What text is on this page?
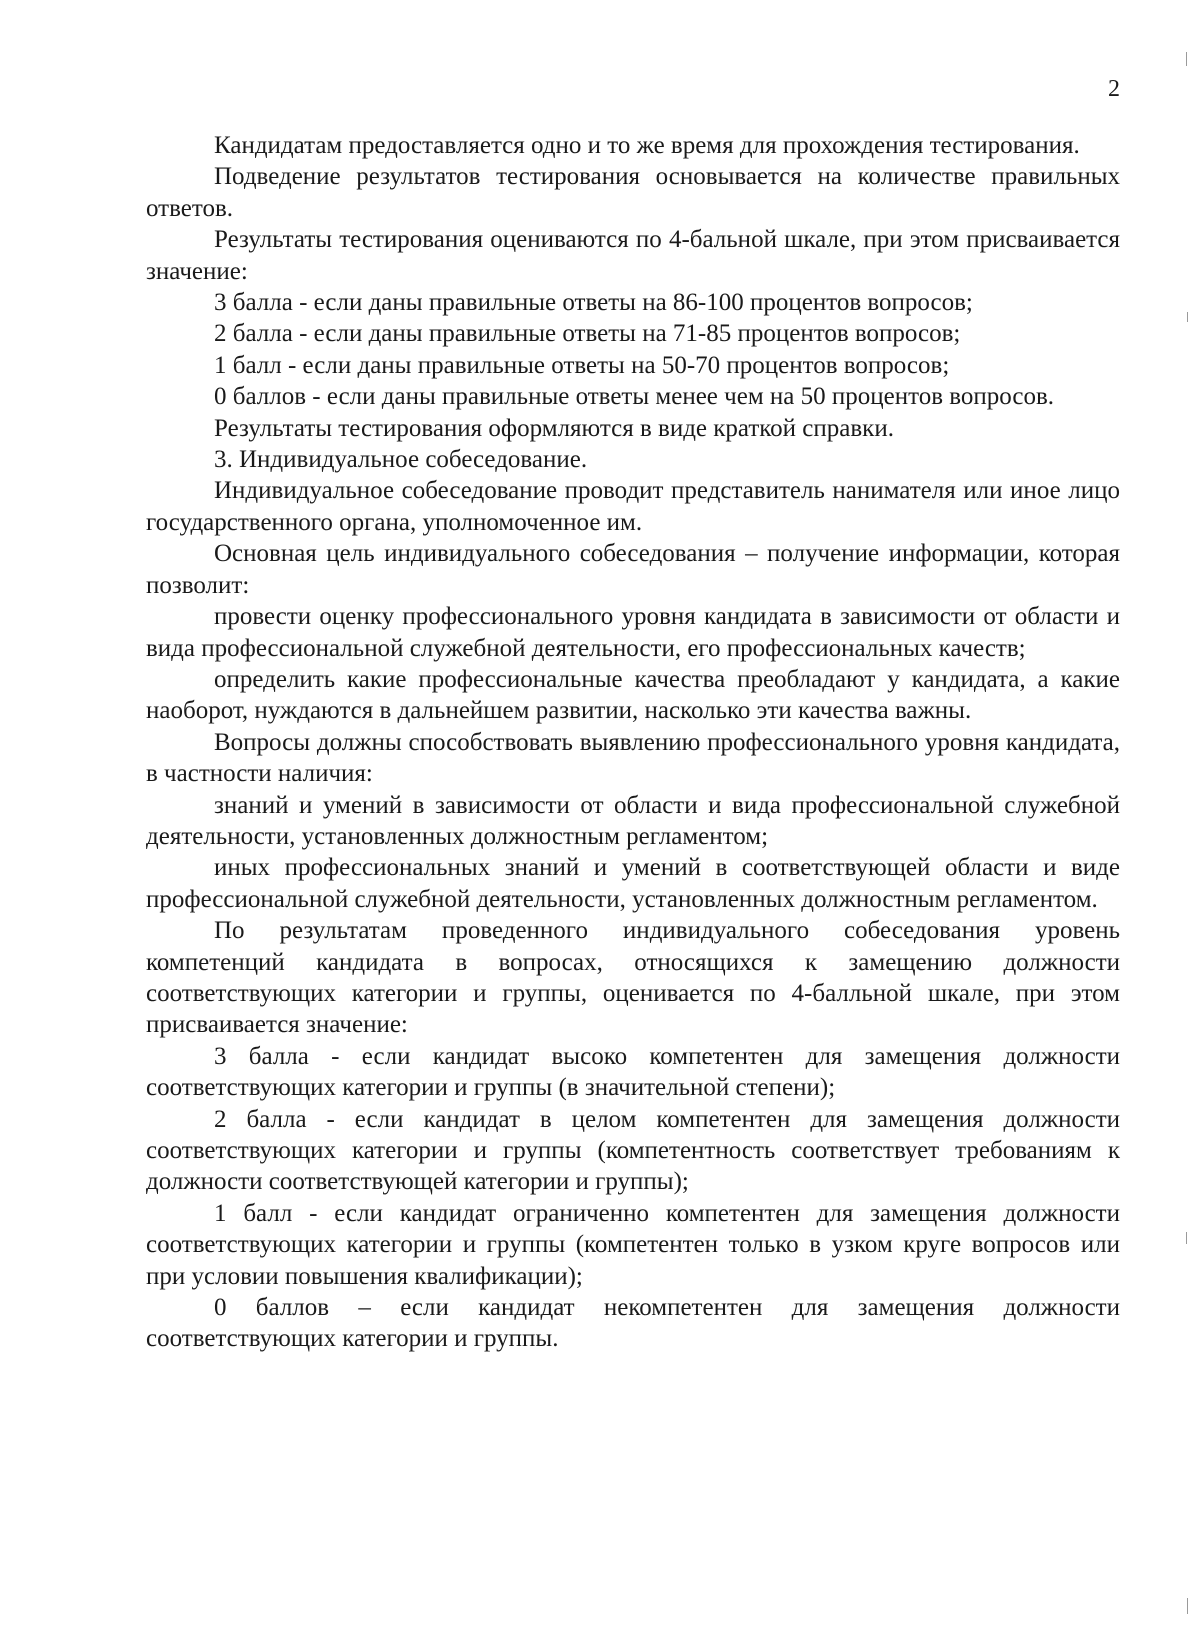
2

Кандидатам предоставляется одно и то же время для прохождения тестирования.

Подведение результатов тестирования основывается на количестве правильных ответов.

Результаты тестирования оцениваются по 4-бальной шкале, при этом присваивается значение:

3 балла - если даны правильные ответы на 86-100 процентов вопросов;

2 балла - если даны правильные ответы на 71-85 процентов вопросов;

1 балл - если даны правильные ответы на 50-70 процентов вопросов;

0 баллов - если даны правильные ответы менее чем на 50 процентов вопросов.

Результаты тестирования оформляются в виде краткой справки.

3. Индивидуальное собеседование.

Индивидуальное собеседование проводит представитель нанимателя или иное лицо государственного органа, уполномоченное им.

Основная цель индивидуального собеседования – получение информации, которая позволит:

провести оценку профессионального уровня кандидата в зависимости от области и вида профессиональной служебной деятельности, его профессиональных качеств;

определить какие профессиональные качества преобладают у кандидата, а какие наоборот, нуждаются в дальнейшем развитии, насколько эти качества важны.

Вопросы должны способствовать выявлению профессионального уровня кандидата, в частности наличия:

знаний и умений в зависимости от области и вида профессиональной служебной деятельности, установленных должностным регламентом;

иных профессиональных знаний и умений в соответствующей области и виде профессиональной служебной деятельности, установленных должностным регламентом.

По результатам проведенного индивидуального собеседования уровень компетенций кандидата в вопросах, относящихся к замещению должности соответствующих категории и группы, оценивается по 4-балльной шкале, при этом присваивается значение:

3 балла - если кандидат высоко компетентен для замещения должности соответствующих категории и группы (в значительной степени);

2 балла - если кандидат в целом компетентен для замещения должности соответствующих категории и группы (компетентность соответствует требованиям к должности соответствующей категории и группы);

1 балл - если кандидат ограниченно компетентен для замещения должности соответствующих категории и группы (компетентен только в узком круге вопросов или при условии повышения квалификации);

0 баллов – если кандидат некомпетентен для замещения должности соответствующих категории и группы.
